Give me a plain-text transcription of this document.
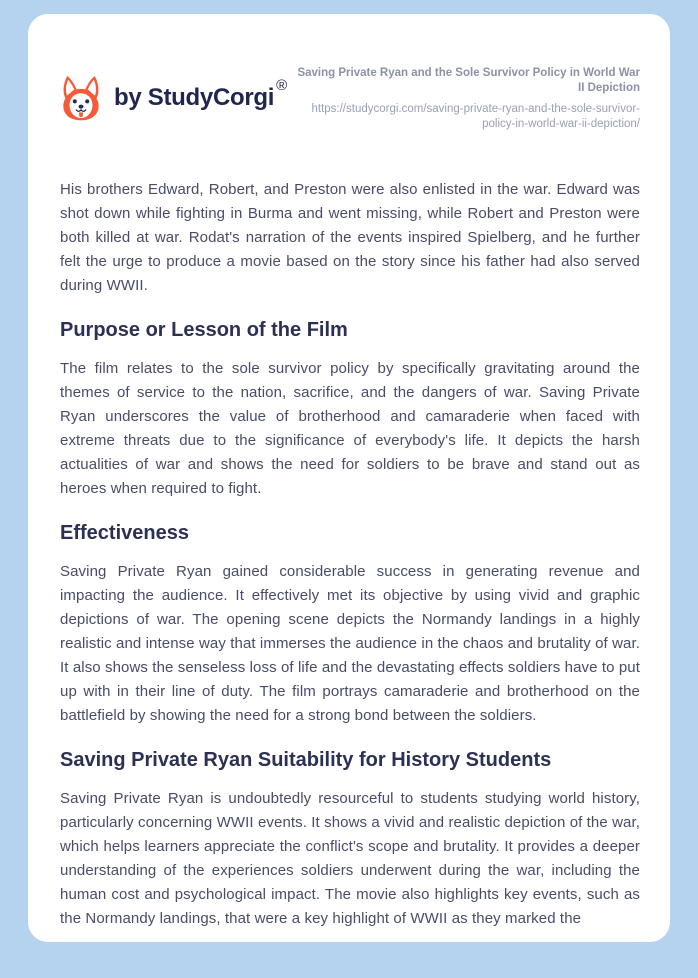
by StudyCorgi ®
Saving Private Ryan and the Sole Survivor Policy in World War II Depiction
https://studycorgi.com/saving-private-ryan-and-the-sole-survivor-policy-in-world-war-ii-depiction/

His brothers Edward, Robert, and Preston were also enlisted in the war. Edward was shot down while fighting in Burma and went missing, while Robert and Preston were both killed at war. Rodat's narration of the events inspired Spielberg, and he further felt the urge to produce a movie based on the story since his father had also served during WWII.

Purpose or Lesson of the Film

The film relates to the sole survivor policy by specifically gravitating around the themes of service to the nation, sacrifice, and the dangers of war. Saving Private Ryan underscores the value of brotherhood and camaraderie when faced with extreme threats due to the significance of everybody's life. It depicts the harsh actualities of war and shows the need for soldiers to be brave and stand out as heroes when required to fight.

Effectiveness

Saving Private Ryan gained considerable success in generating revenue and impacting the audience. It effectively met its objective by using vivid and graphic depictions of war. The opening scene depicts the Normandy landings in a highly realistic and intense way that immerses the audience in the chaos and brutality of war. It also shows the senseless loss of life and the devastating effects soldiers have to put up with in their line of duty. The film portrays camaraderie and brotherhood on the battlefield by showing the need for a strong bond between the soldiers.

Saving Private Ryan Suitability for History Students

Saving Private Ryan is undoubtedly resourceful to students studying world history, particularly concerning WWII events. It shows a vivid and realistic depiction of the war, which helps learners appreciate the conflict's scope and brutality. It provides a deeper understanding of the experiences soldiers underwent during the war, including the human cost and psychological impact. The movie also highlights key events, such as the Normandy landings, that were a key highlight of WWII as they marked the
